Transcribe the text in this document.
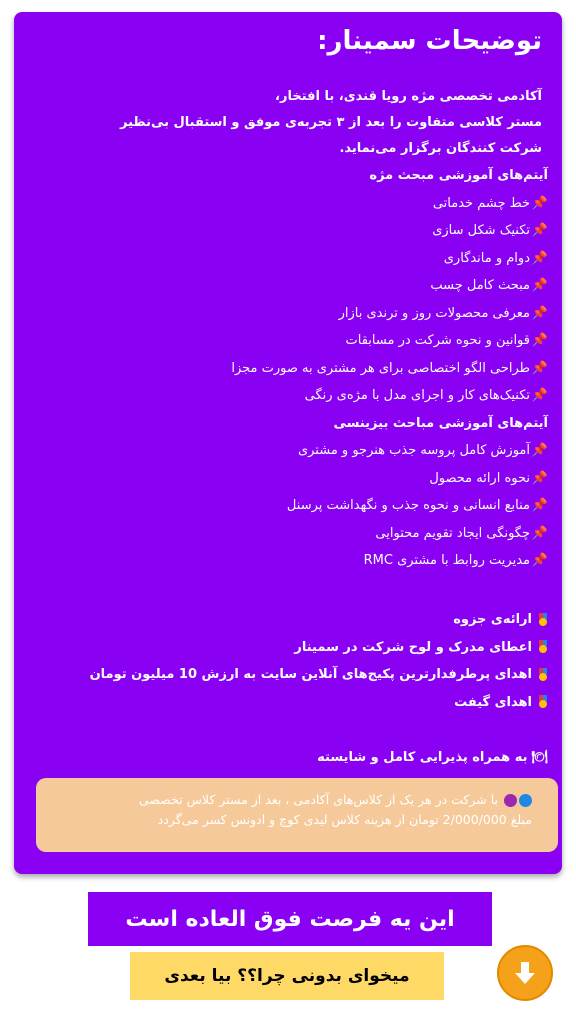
توضیحات سمینار:

آکادمی تخصصی مژه رویا قندی، با افتخار،

مستر کلاسی متفاوت را بعد از ۳ تجربه‌ی موفق و استقبال بی‌نظیر

شرکت کنندگان برگزار می‌نماید.

آیتم‌های آموزشی مبحث مژه
📌
خط چشم خدماتی
📌
تکنیک شکل سازی
📌
دوام و ماندگاری
📌
مبحث کامل چسب
📌
معرفی محصولات روز و ترندی بازار
📌
قوانین و نحوه شرکت در مسابقات
📌
طراحی الگو اختصاصی برای هر مشتری به صورت مجزا
📌
تکنیک‌های کار و اجرای مدل با مژه‌ی رنگی
آیتم‌های آموزشی مباحث بیزینسی
📌
آموزش کامل پروسه جذب هنرجو و مشتری
📌
نحوه ارائه محصول
📌
منابع انسانی و نحوه جذب و نگهداشت پرسنل
📌
چگونگی ایجاد تقویم محتوایی
📌
مدیریت روابط با مشتری RMC
ارائه‌ی جزوه
اعطای مدرک و لوح شرکت در سمینار
اهدای پرطرفدارترین پکیج‌های آنلاین سایت به ارزش 10 میلیون تومان
اهدای گیفت
🍽
به همراه پذیرایی کامل و شایسته

با شرکت در هر یک از کلاس‌های آکادمی ، بعد از مستر کلاس تخصصی

مبلغ 2/000/000 تومان از هزینه کلاس لیدی کوچ و ادونس کسر می‌گردد

این یه فرصت فوق العاده است
میخوای بدونی چرا؟؟ بیا بعدی
